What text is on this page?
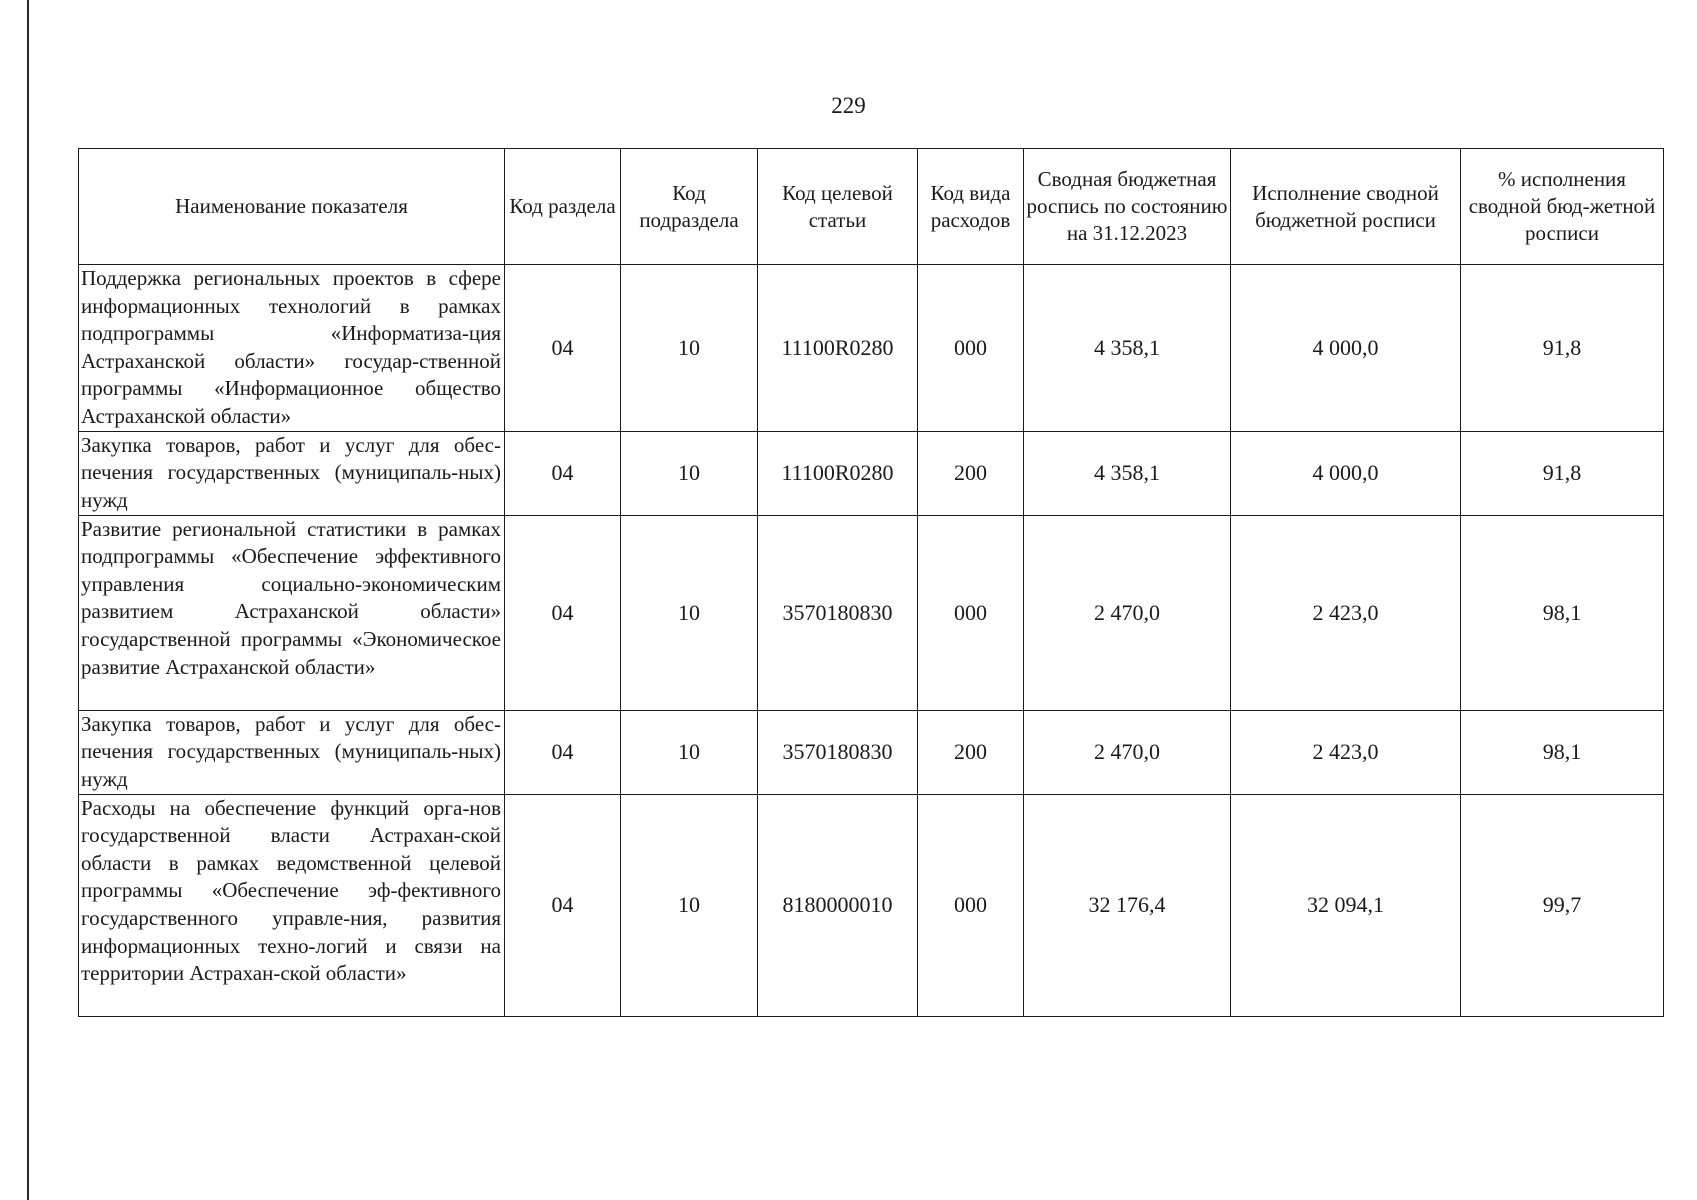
229
Наименование показателя	Код раздела	Код подраздела	Код целевой статьи	Код вида расходов	Сводная бюджетная роспись по состоянию на 31.12.2023	Исполнение сводной бюджетной росписи	% исполнения сводной бюд-жетной росписи
Поддержка региональных проектов в сфере информационных технологий в рамках подпрограммы «Информатиза-ция Астраханской области» государ-ственной программы «Информационное общество Астраханской области»	04	10	11100R0280	000	4 358,1	4 000,0	91,8
Закупка товаров, работ и услуг для обес-печения государственных (муниципаль-ных) нужд	04	10	11100R0280	200	4 358,1	4 000,0	91,8
Развитие региональной статистики в рамках подпрограммы «Обеспечение эффективного управления социально-экономическим развитием Астраханской области» государственной программы «Экономическое развитие Астраханской области»	04	10	3570180830	000	2 470,0	2 423,0	98,1
Закупка товаров, работ и услуг для обес-печения государственных (муниципаль-ных) нужд	04	10	3570180830	200	2 470,0	2 423,0	98,1
Расходы на обеспечение функций орга-нов государственной власти Астрахан-ской области в рамках ведомственной целевой программы «Обеспечение эф-фективного государственного управле-ния, развития информационных техно-логий и связи на территории Астрахан-ской области»	04	10	8180000010	000	32 176,4	32 094,1	99,7
